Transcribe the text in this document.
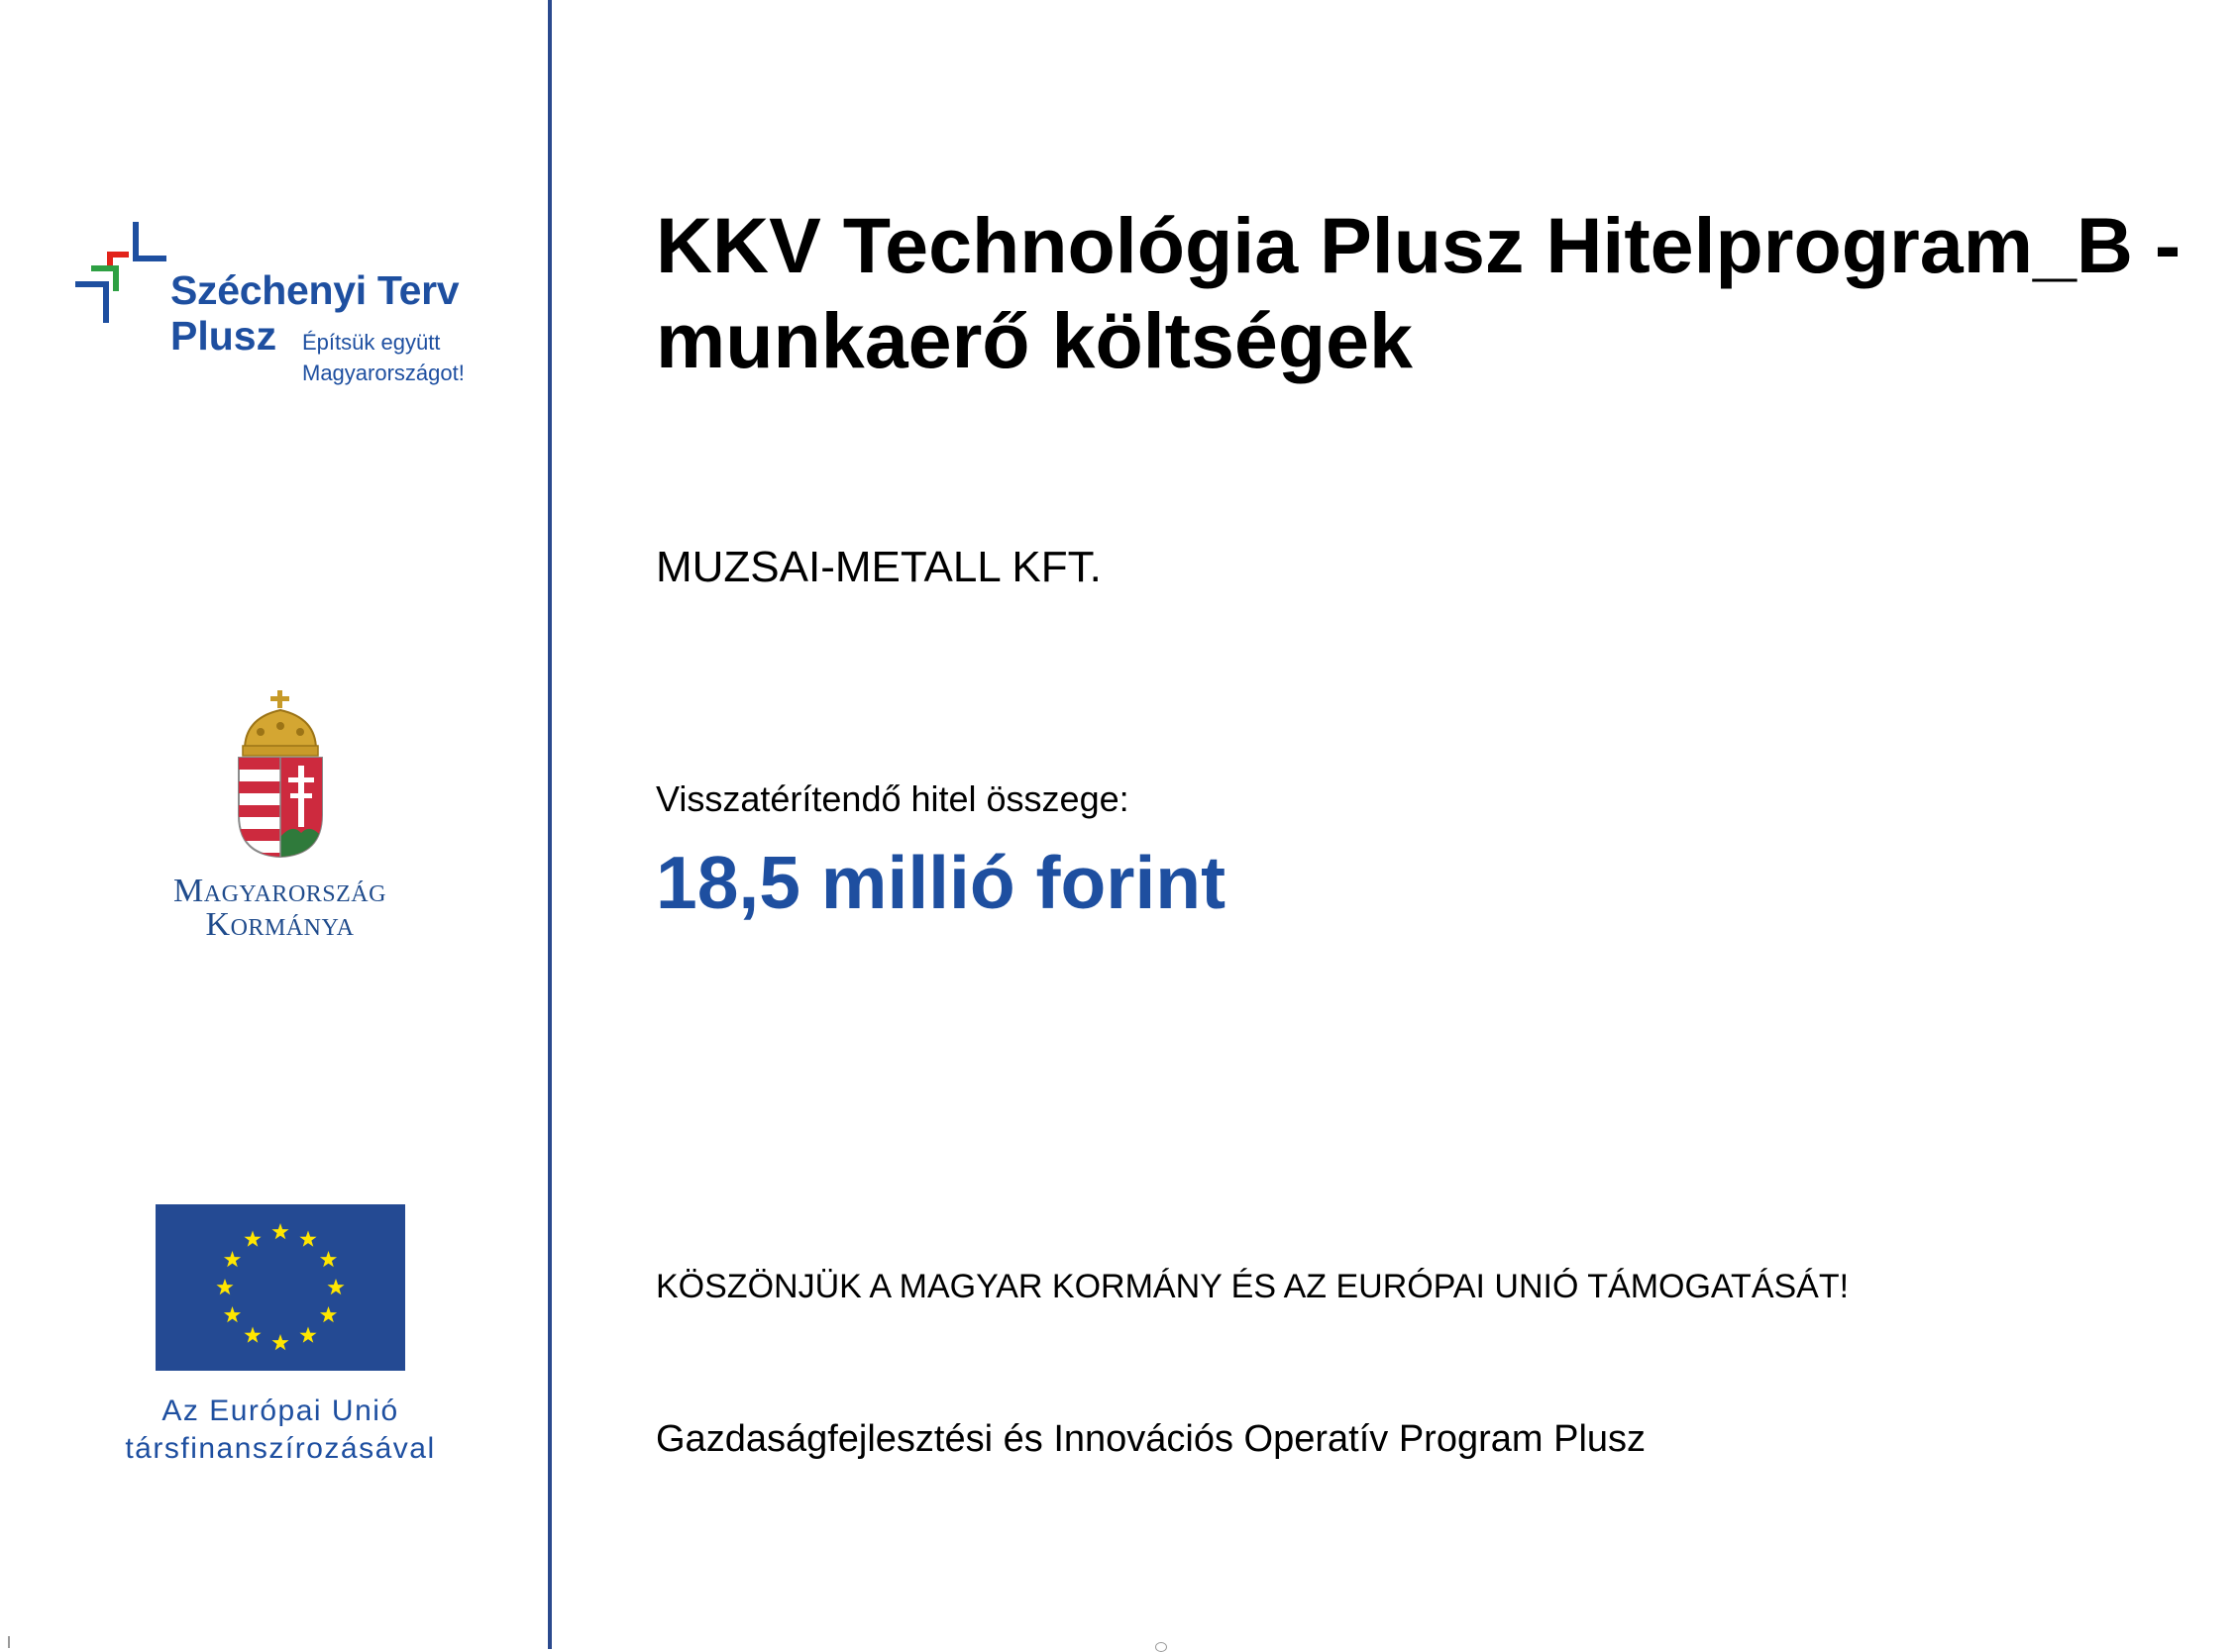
Széchenyi Terv
Plusz Építsük együtt
Magyarországot!
Magyarország
Kormánya
Az Európai Unió
társfinanszírozásával
KKV Technológia Plusz Hitelprogram_B - munkaerő költségek
MUZSAI-METALL KFT.
Visszatérítendő hitel összege:
18,5 millió forint
KÖSZÖNJÜK A MAGYAR KORMÁNY ÉS AZ EURÓPAI UNIÓ TÁMOGATÁSÁT!
Gazdaságfejlesztési és Innovációs Operatív Program Plusz
